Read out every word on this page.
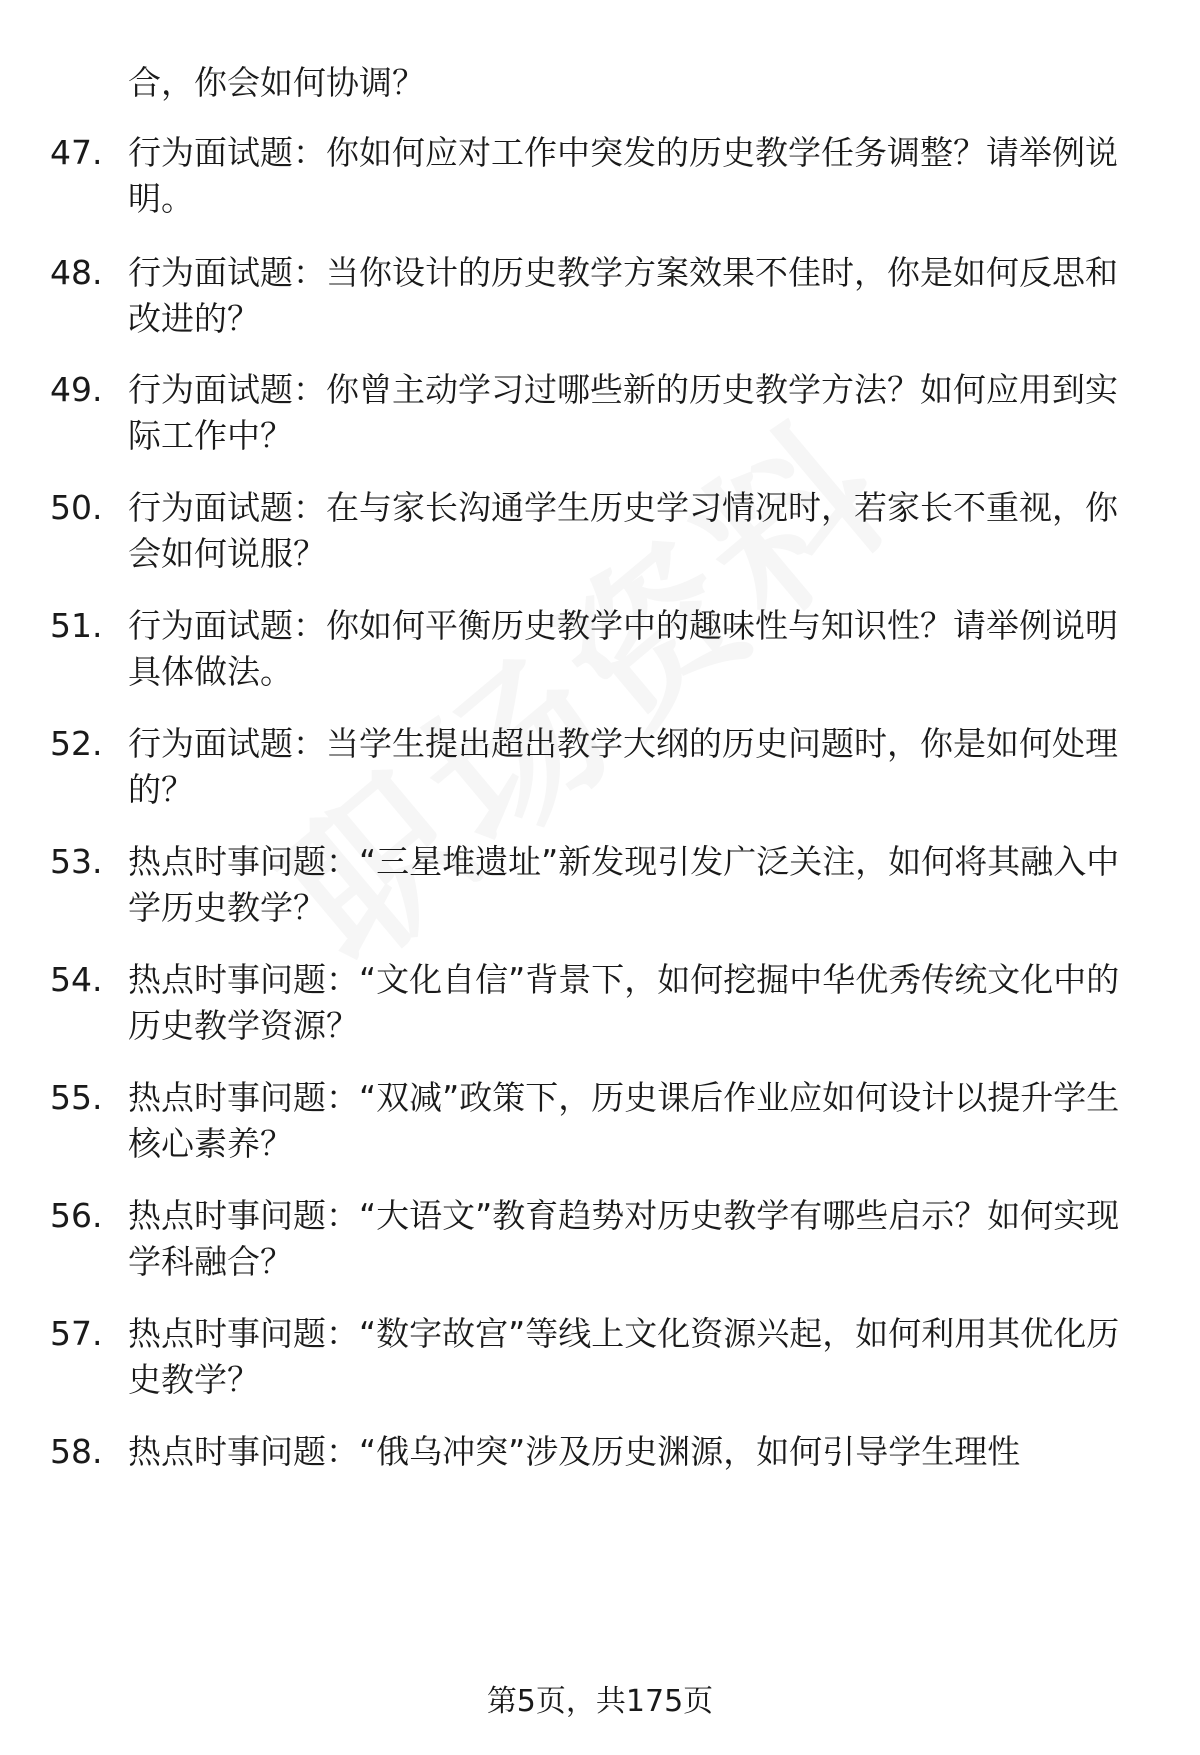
合，你会如何协调？
47. 行为面试题：你如何应对工作中突发的历史教学任务调整？请举例说明。
48. 行为面试题：当你设计的历史教学方案效果不佳时，你是如何反思和改进的？
49. 行为面试题：你曾主动学习过哪些新的历史教学方法？如何应用到实际工作中？
50. 行为面试题：在与家长沟通学生历史学习情况时，若家长不重视，你会如何说服？
51. 行为面试题：你如何平衡历史教学中的趣味性与知识性？请举例说明具体做法。
52. 行为面试题：当学生提出超出教学大纲的历史问题时，你是如何处理的？
53. 热点时事问题：“三星堆遗址”新发现引发广泛关注，如何将其融入中学历史教学？
54. 热点时事问题：“文化自信”背景下，如何挖掘中华优秀传统文化中的历史教学资源？
55. 热点时事问题：“双减”政策下，历史课后作业应如何设计以提升学生核心素养？
56. 热点时事问题：“大语文”教育趋势对历史教学有哪些启示？如何实现学科融合？
57. 热点时事问题：“数字故宫”等线上文化资源兴起，如何利用其优化历史教学？
58. 热点时事问题：“俄乌冲突”涉及历史渊源，如何引导学生理性
第5页，共175页
